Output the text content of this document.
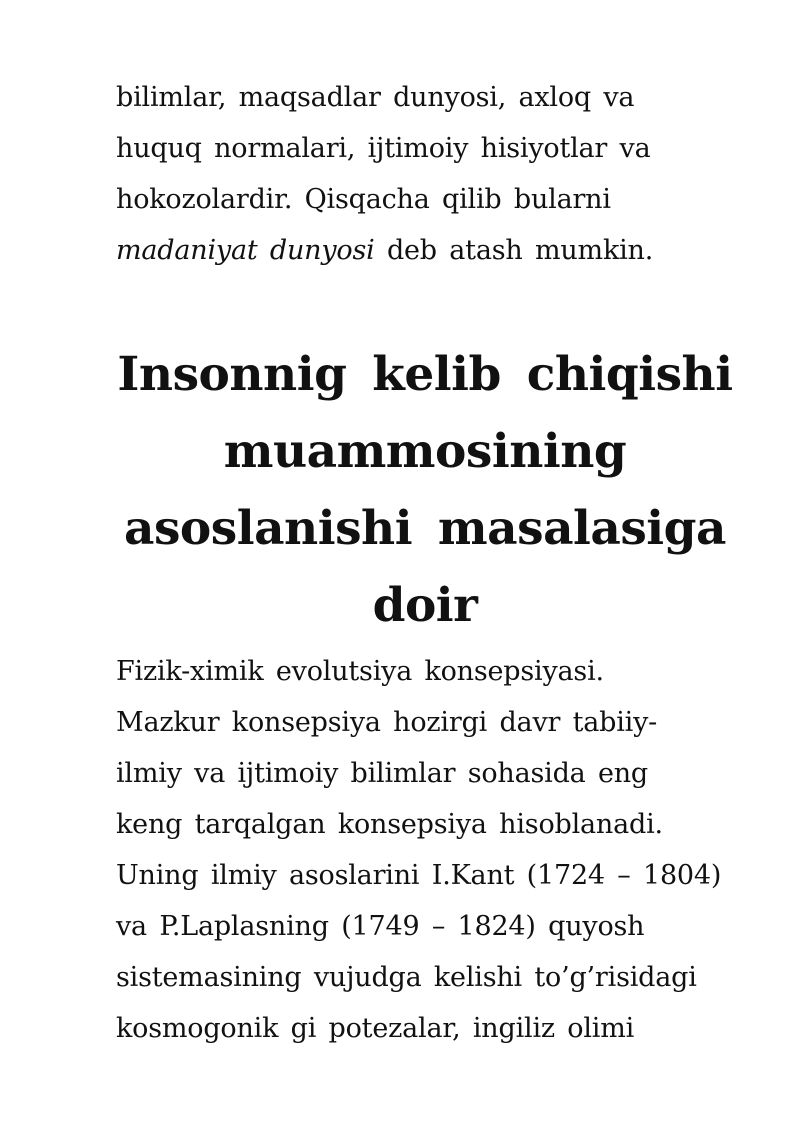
bilimlar, maqsadlar dunyosi, axloq va
huquq normalari, ijtimoiy hisiyotlar va
hokozolardir. Qisqacha qilib bularni
madaniyat dunyosi deb atash mumkin.
Insonnig kelib chiqishi
muammosining
asoslanishi masalasiga
doir
Fizik-ximik evolutsiya konsepsiyasi.
Mazkur konsepsiya hozirgi davr tabiiy-
ilmiy va ijtimoiy bilimlar sohasida eng
keng tarqalgan konsepsiya hisoblanadi.
Uning ilmiy asoslarini I.Kant (1724 – 1804)
va P.Laplasning (1749 – 1824) quyosh
sistemasining vujudga kelishi to’g’risidagi
kosmogonik gi potezalar, ingiliz olimi
